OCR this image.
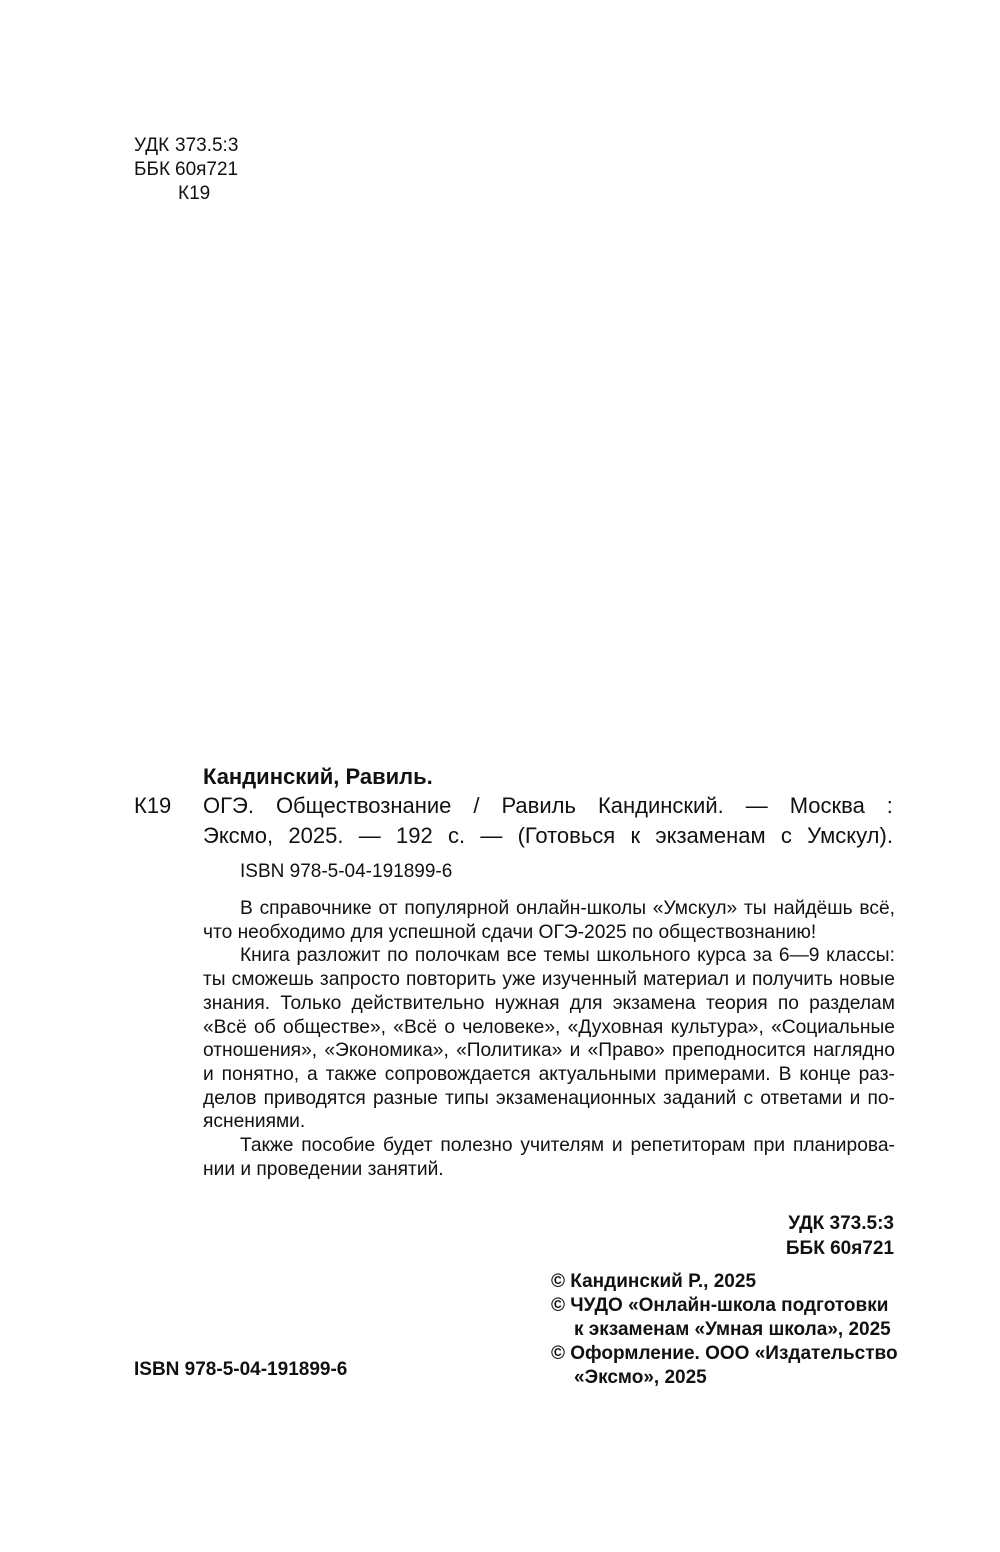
УДК 373.5:3
ББК 60я721
К19
Кандинский, Равиль.
К19 ОГЭ. Обществознание / Равиль Кандинский. — Москва :
Эксмо, 2025. — 192 с. — (Готовься к экзаменам с Умскул).
ISBN 978-5-04-191899-6
В справочнике от популярной онлайн-школы «Умскул» ты найдёшь всё,
что необходимо для успешной сдачи ОГЭ-2025 по обществознанию!
Книга разложит по полочкам все темы школьного курса за 6—9 классы:
ты сможешь запросто повторить уже изученный материал и получить новые
знания. Только действительно нужная для экзамена теория по разделам
«Всё об обществе», «Всё о человеке», «Духовная культура», «Социальные
отношения», «Экономика», «Политика» и «Право» преподносится наглядно
и понятно, а также сопровождается актуальными примерами. В конце раз-
делов приводятся разные типы экзаменационных заданий с ответами и по-
яснениями.
Также пособие будет полезно учителям и репетиторам при планирова-
нии и проведении занятий.
УДК 373.5:3
ББК 60я721
© Кандинский Р., 2025
© ЧУДО «Онлайн-школа подготовки
к экзаменам «Умная школа», 2025
© Оформление. ООО «Издательство
«Эксмо», 2025
ISBN 978-5-04-191899-6
